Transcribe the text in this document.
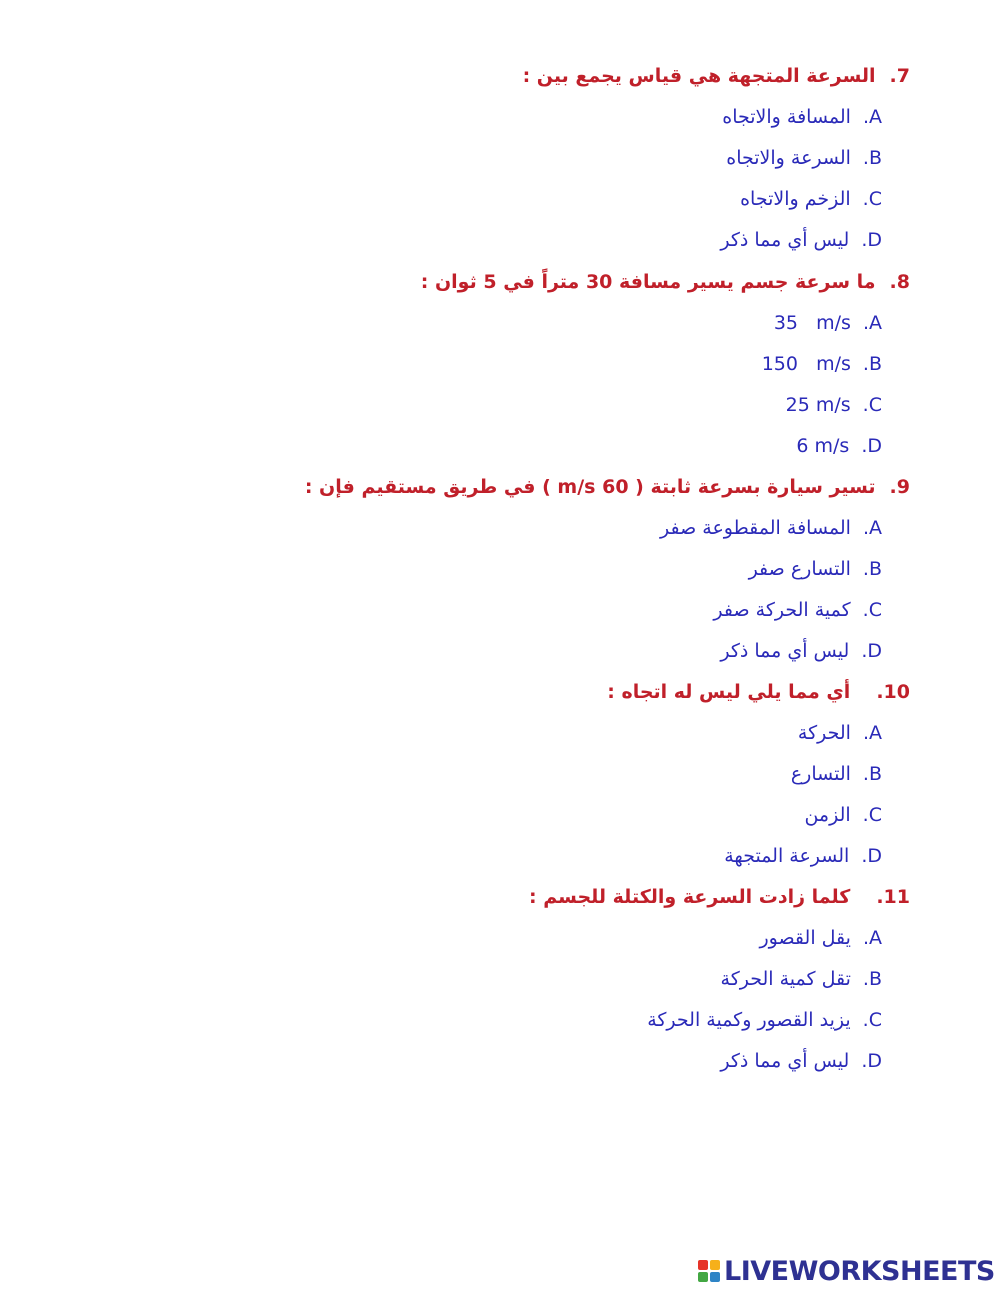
7.السرعة المتجهة هي قياس يجمع بين :
A.المسافة والاتجاه
B.السرعة والاتجاه
C.الزخم والاتجاه
D.ليس أي مما ذكر
8.ما سرعة جسم يسير مسافة 30 متراً في 5 ثوان :
A.35   m/s
B.150   m/s
C.25 m/s
D.6 m/s
9.تسير سيارة بسرعة ثابتة ( 60 m/s ) في طريق مستقيم فإن :
A.المسافة المقطوعة صفر
B.التسارع صفر
C.كمية الحركة صفر
D.ليس أي مما ذكر
10.أي مما يلي ليس له اتجاه :
A.الحركة
B.التسارع
C.الزمن
D.السرعة المتجهة
11.كلما زادت السرعة والكتلة للجسم :
A.يقل القصور
B.تقل كمية الحركة
C.يزيد القصور وكمية الحركة
D.ليس أي مما ذكر
LIVEWORKSHEETS
